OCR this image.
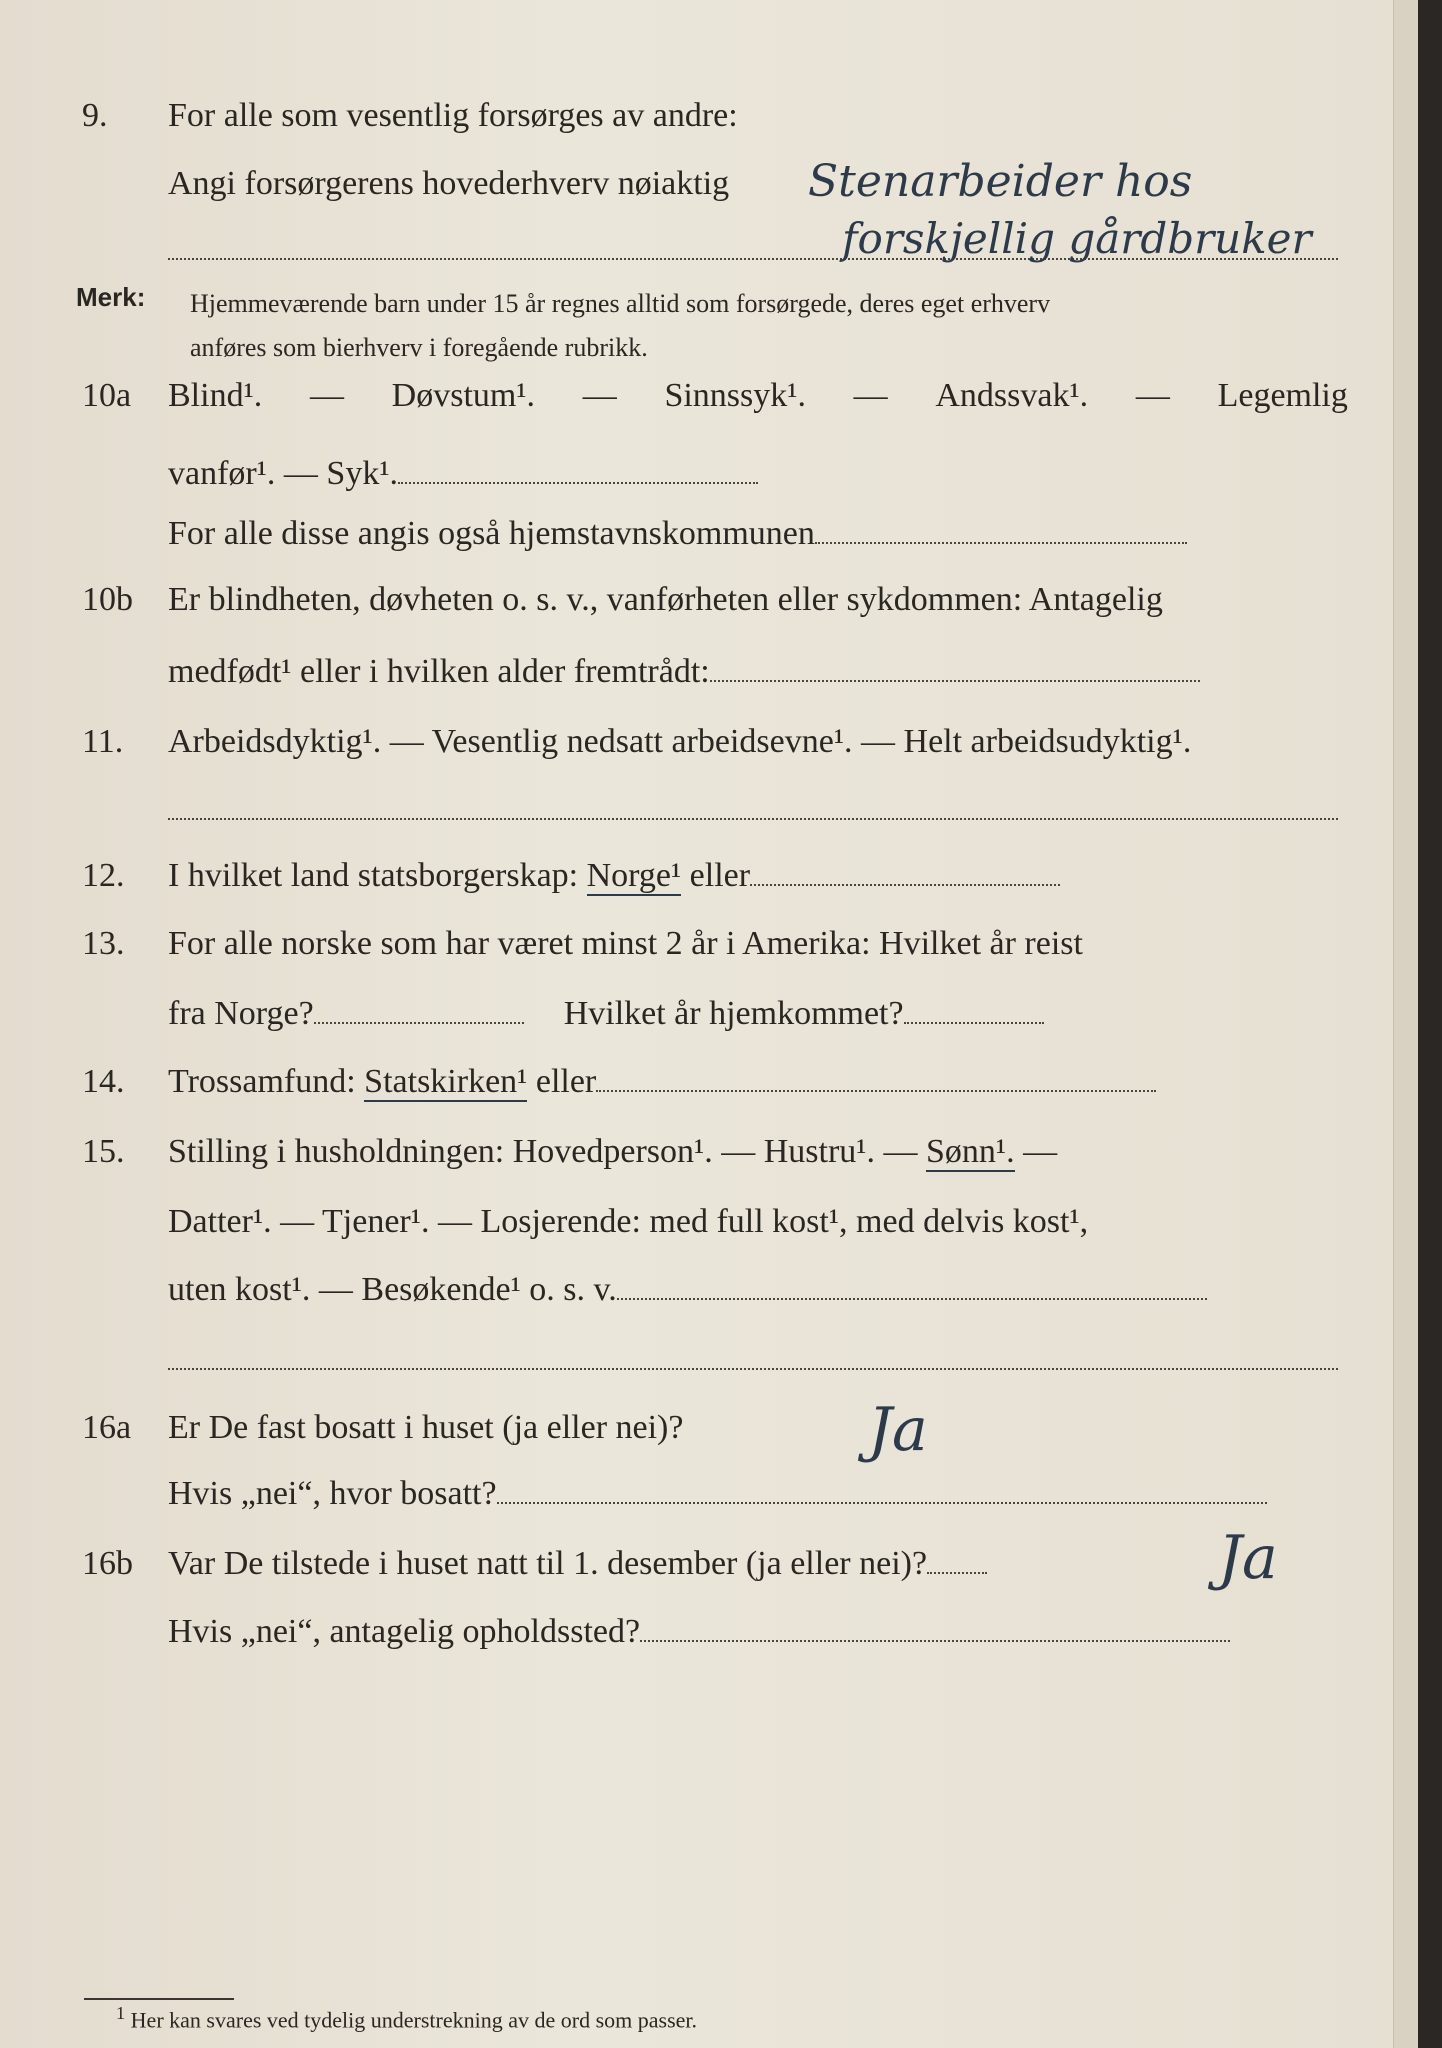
9. For alle som vesentlig forsørges av andre:
Angi forsørgerens hovederhverv nøiaktig	Stenarbeider hos
forskjellig gårdbruker
Merk: Hjemmeværende barn under 15 år regnes alltid som forsørgede, deres eget erhverv
anføres som bierhverv i foregående rubrikk.
10a Blind¹. — Døvstum¹. — Sinnssyk¹. — Andssvak¹. — Legemlig
vanfør¹. — Syk¹.
For alle disse angis også hjemstavnskommunen
10b Er blindheten, døvheten o. s. v., vanførheten eller sykdommen: Antagelig
medfødt¹ eller i hvilken alder fremtrådt:
11. Arbeidsdyktig¹. — Vesentlig nedsatt arbeidsevne¹. — Helt arbeidsudyktig¹.
12. I hvilket land statsborgerskap: Norge¹ eller
13. For alle norske som har været minst 2 år i Amerika: Hvilket år reist
fra Norge?	Hvilket år hjemkommet?
14. Trossamfund: Statskirken¹ eller
15. Stilling i husholdningen: Hovedperson¹. — Hustru¹. — Sønn¹. —
Datter¹. — Tjener¹. — Losjerende: med full kost¹, med delvis kost¹,
uten kost¹. — Besøkende¹ o. s. v.
16a Er De fast bosatt i huset (ja eller nei)?	Ja
Hvis „nei“, hvor bosatt?
16b Var De tilstede i huset natt til 1. desember (ja eller nei)?	Ja
Hvis „nei“, antagelig opholdssted?
$^1$ Her kan svares ved tydelig understrekning av de ord som passer.
